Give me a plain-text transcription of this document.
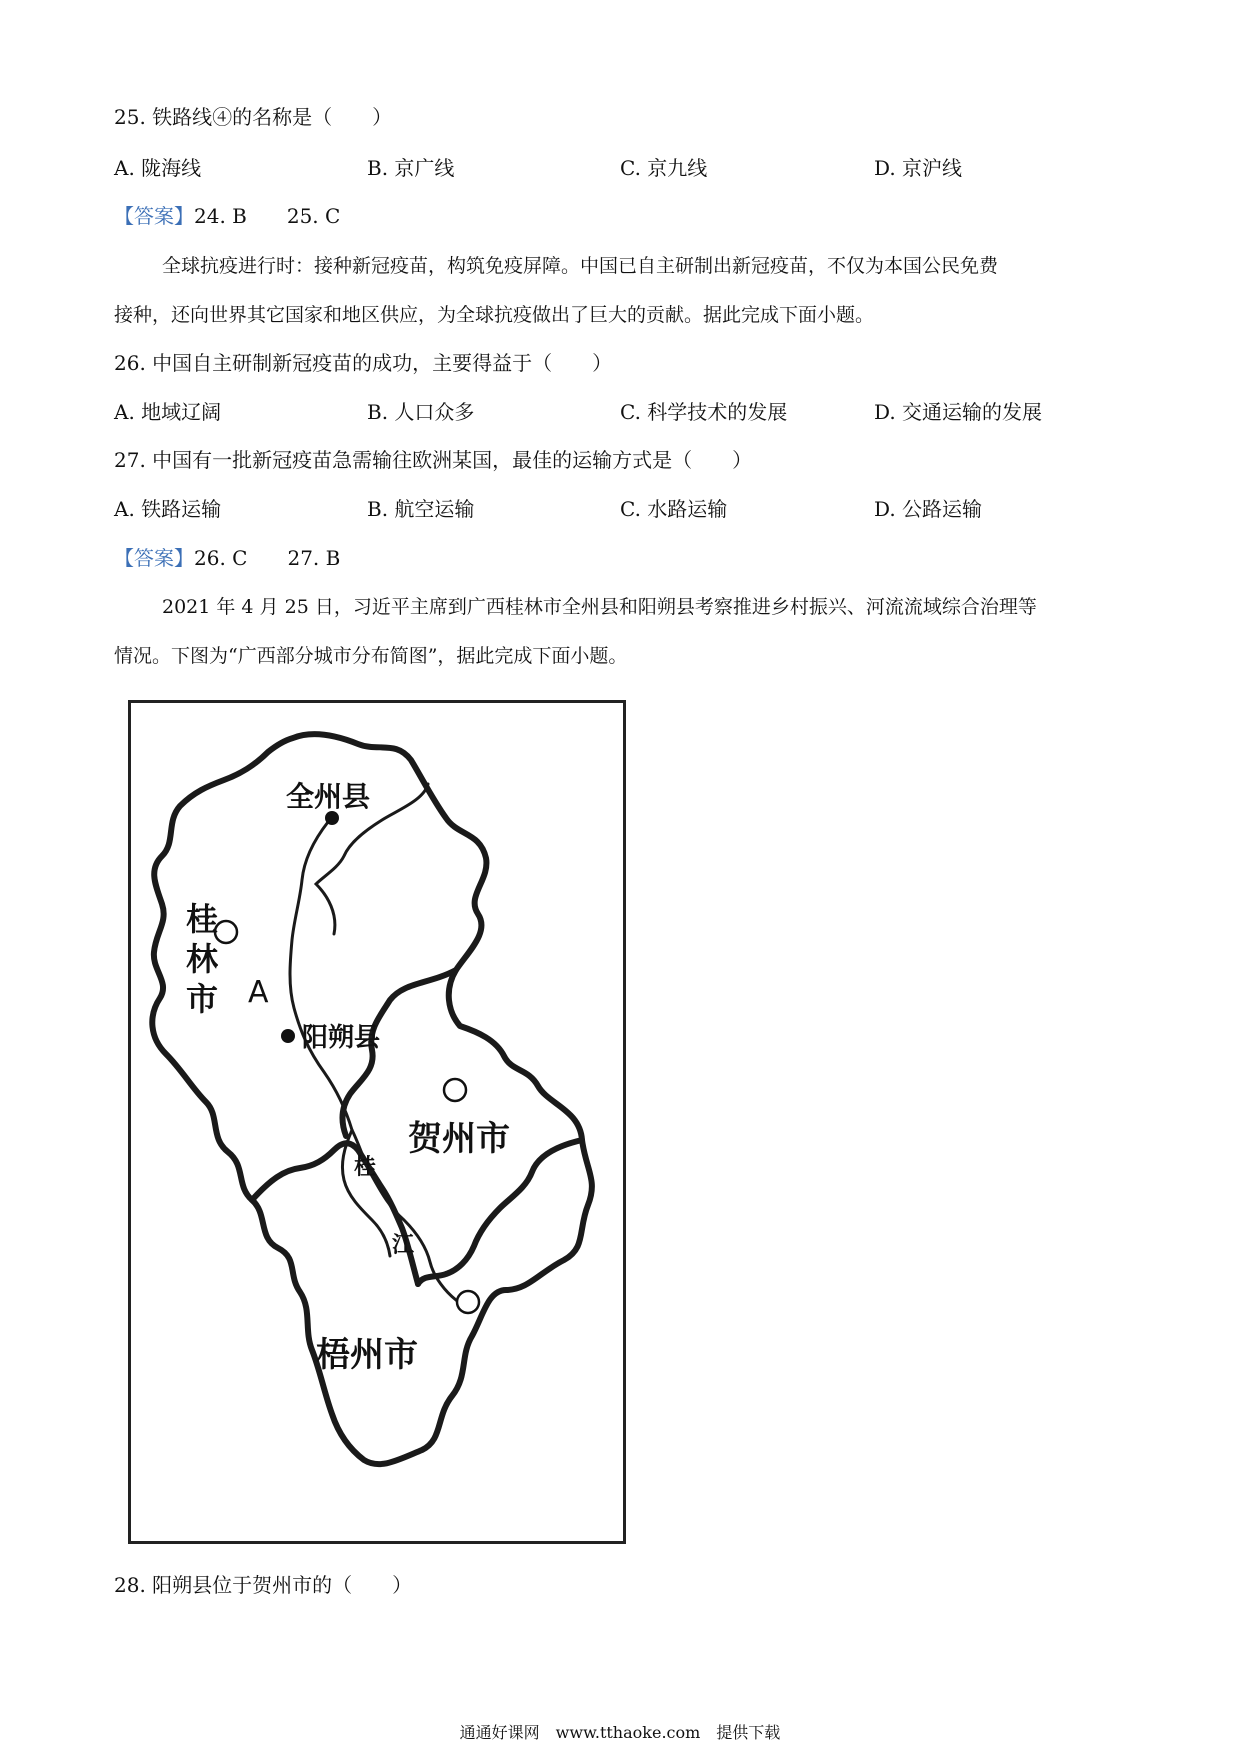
25. 铁路线④的名称是（　　）
A. 陇海线	B. 京广线	C. 京九线	D. 京沪线
【答案】24. B　　25. C
全球抗疫进行时：接种新冠疫苗，构筑免疫屏障。中国已自主研制出新冠疫苗，不仅为本国公民免费
接种，还向世界其它国家和地区供应，为全球抗疫做出了巨大的贡献。据此完成下面小题。
26. 中国自主研制新冠疫苗的成功，主要得益于（　　）
A. 地域辽阔	B. 人口众多	C. 科学技术的发展	D. 交通运输的发展
27. 中国有一批新冠疫苗急需输往欧洲某国，最佳的运输方式是（　　）
A. 铁路运输	B. 航空运输	C. 水路运输	D. 公路运输
【答案】26. C　　27. B
2021 年 4 月 25 日，习近平主席到广西桂林市全州县和阳朔县考察推进乡村振兴、河流流域综合治理等
情况。下图为“广西部分城市分布简图”，据此完成下面小题。
全州县
桂
林
市 A
阳朔县
贺州市
桂
江
梧州市
28. 阳朔县位于贺州市的（　　）
通通好课网　www.tthaoke.com　提供下载
